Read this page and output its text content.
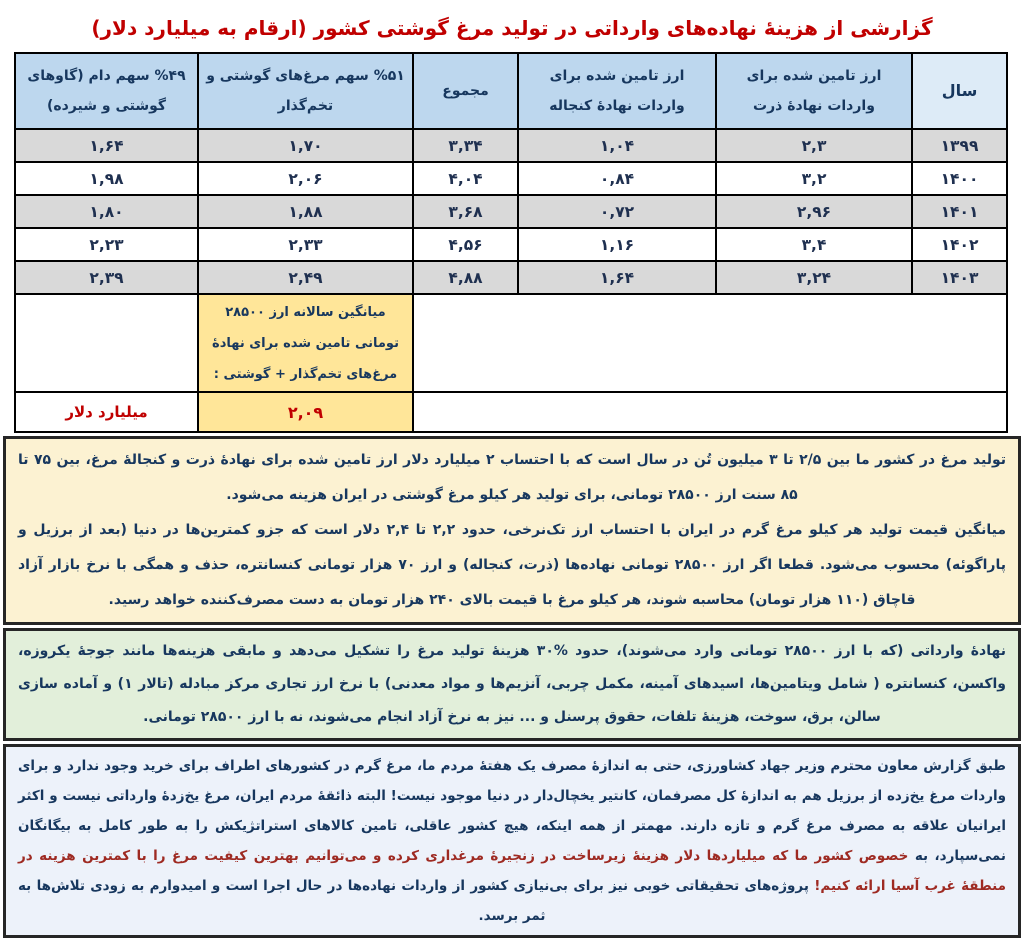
گزارشی از هزینهٔ نهاده‌های وارداتی در تولید مرغ گوشتی کشور (ارقام به میلیارد دلار)
سال	ارز تامین شده برای واردات نهادهٔ ذرت	ارز تامین شده برای واردات نهادهٔ کنجاله	مجموع	%۵۱ سهم مرغ‌های گوشتی و تخم‌گذار	%۴۹ سهم دام (گاوهای گوشتی و شیرده)
۱۳۹۹	۲,۳	۱,۰۴	۳,۳۴	۱,۷۰	۱,۶۴
۱۴۰۰	۳,۲	۰,۸۴	۴,۰۴	۲,۰۶	۱,۹۸
۱۴۰۱	۲,۹۶	۰,۷۲	۳,۶۸	۱,۸۸	۱,۸۰
۱۴۰۲	۳,۴	۱,۱۶	۴,۵۶	۲,۳۳	۲,۲۳
۱۴۰۳	۳,۲۴	۱,۶۴	۴,۸۸	۲,۴۹	۲,۳۹
				میانگین سالانه ارز ۲۸۵۰۰ تومانی تامین شده برای نهادهٔ مرغ‌های تخم‌گذار + گوشتی :	
				۲,۰۹	میلیارد دلار

تولید مرغ در کشور ما بین ۲/۵ تا ۳ میلیون تُن در سال است که با احتساب ۲ میلیارد دلار ارز تامین شده برای نهادهٔ ذرت و کنجالهٔ مرغ، بین ۷۵ تا ۸۵ سنت ارز ۲۸۵۰۰ تومانی، برای تولید هر کیلو مرغ گوشتی در ایران هزینه می‌شود.

میانگین قیمت تولید هر کیلو مرغ گرم در ایران با احتساب ارز تک‌نرخی، حدود ۲,۲ تا ۲,۴ دلار است که جزو کمترین‌ها در دنیا (بعد از برزیل و پاراگوئه) محسوب می‌شود. قطعا اگر ارز ۲۸۵۰۰ تومانی نهاده‌ها (ذرت، کنجاله) و ارز ۷۰ هزار تومانی کنسانتره، حذف و همگی با نرخ بازار آزاد قاچاق (۱۱۰ هزار تومان) محاسبه شوند، هر کیلو مرغ با قیمت بالای ۲۴۰ هزار تومان به دست مصرف‌کننده خواهد رسید.

نهادهٔ وارداتی (که با ارز ۲۸۵۰۰ تومانی وارد می‌شوند)، حدود %۳۰ هزینهٔ تولید مرغ را تشکیل می‌دهد و مابقی هزینه‌ها مانند جوجهٔ یکروزه، واکسن، کنسانتره ( شامل ویتامین‌ها، اسیدهای آمینه، مکمل چربی، آنزیم‌ها و مواد معدنی) با نرخ ارز تجاری مرکز مبادله (تالار ۱) و آماده سازی سالن، برق، سوخت، هزینهٔ تلفات، حقوق پرسنل و ... نیز به نرخ آزاد انجام می‌شوند، نه با ارز ۲۸۵۰۰ تومانی.

طبق گزارش معاون محترم وزیر جهاد کشاورزی، حتی به اندازهٔ مصرف یک هفتهٔ مردم ما، مرغ گرم در کشورهای اطراف برای خرید وجود ندارد و برای واردات مرغ یخ‌زده از برزیل هم به اندازهٔ کل مصرفمان، کانتیر یخچال‌دار در دنیا موجود نیست! البته ذائقهٔ مردم ایران، مرغ یخ‌زدهٔ وارداتی نیست و اکثر ایرانیان علاقه به مصرف مرغ گرم و تازه دارند. مهمتر از همه اینکه، هیچ کشور عاقلی، تامین کالاهای استراتژیکش را به طور کامل به بیگانگان نمی‌سپارد، به خصوص کشور ما که میلیاردها دلار هزینهٔ زیرساخت در زنجیرهٔ مرغداری کرده و می‌توانیم بهترین کیفیت مرغ را با کمترین هزینه در منطقهٔ غرب آسیا ارائه کنیم! پروژه‌های تحقیقاتی خوبی نیز برای بی‌نیازی کشور از واردات نهاده‌ها در حال اجرا است و امیدوارم به زودی تلاش‌ها به ثمر برسد.
